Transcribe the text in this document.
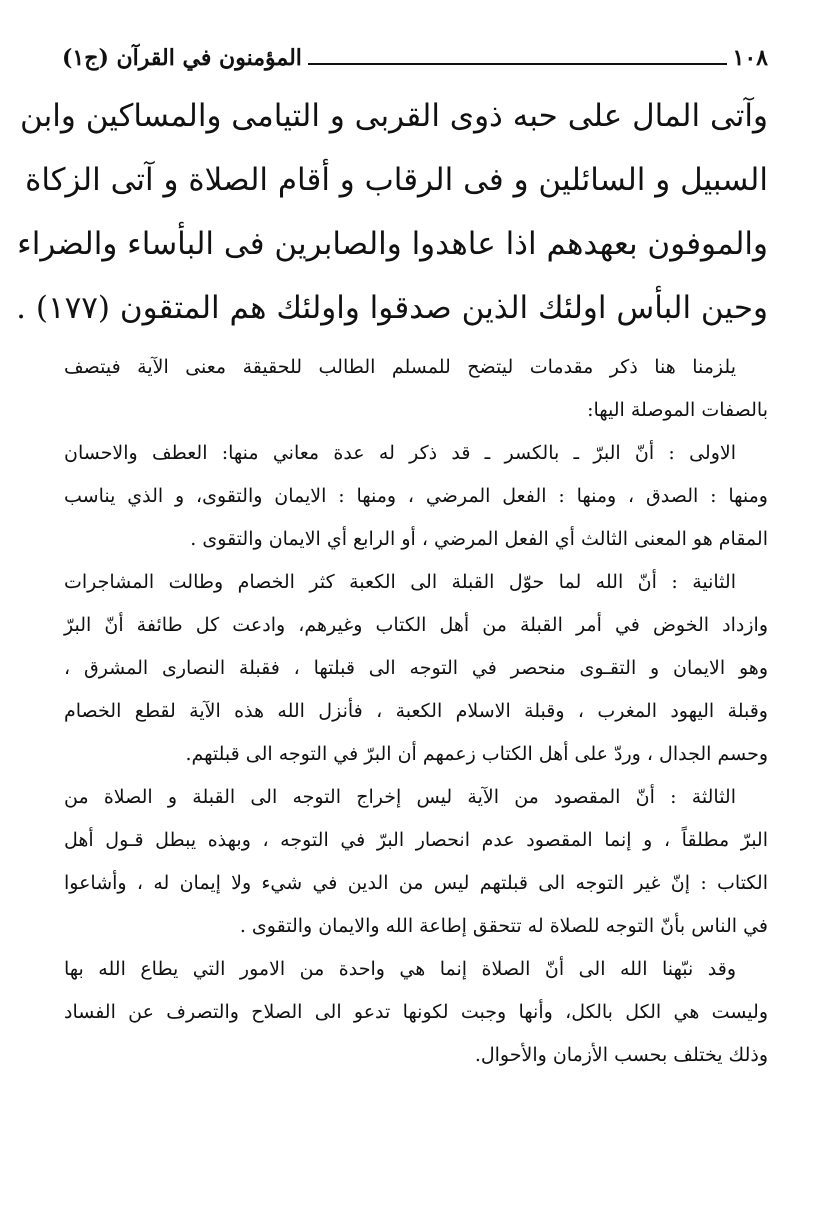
١٠٨
المؤمنون في القرآن (ج١)
وآتى المال على حبه ذوى القربى و التيامى والمساكين وابن
السبيل و السائلين و فى الرقاب و أقام الصلاة و آتى الزكاة
والموفون بعهدهم اذا عاهدوا والصابرين فى البأساء والضراء
وحين البأس اولئك الذين صدقوا واولئك هم المتقون (١٧٧) .
يلزمنا هنا ذكر مقدمات ليتضح للمسلم الطالب للحقيقة معنى الآية فيتصف
بالصفات الموصلة اليها:
الاولى : أنّ البرّ ـ بالكسر ـ قد ذكر له عدة معاني منها: العطف والاحسان
ومنها : الصدق ، ومنها : الفعل المرضي ، ومنها : الايمان والتقوى، و الذي يناسب
المقام هو المعنى الثالث أي الفعل المرضي ، أو الرابع أي الايمان والتقوى .
الثانية : أنّ الله لما حوّل القبلة الى الكعبة كثر الخصام وطالت المشاجرات
وازداد الخوض في أمر القبلة من أهل الكتاب وغيرهم، وادعت كل طائفة أنّ البرّ
وهو الايمان و التقـوى منحصر في التوجه الى قبلتها ، فقبلة النصارى المشرق ،
وقبلة اليهود المغرب ، وقبلة الاسلام الكعبة ، فأنزل الله هذه الآية لقطع الخصام
وحسم الجدال ، وردّ على أهل الكتاب زعمهم أن البرّ في التوجه الى قبلتهم.
الثالثة : أنّ المقصود من الآية ليس إخراج التوجه الى القبلة و الصلاة من
البرّ مطلقاً ، و إنما المقصود عدم انحصار البرّ في التوجه ، وبهذه يبطل قـول أهل
الكتاب : إنّ غير التوجه الى قبلتهم ليس من الدين في شيء ولا إيمان له ، وأشاعوا
في الناس بأنّ التوجه للصلاة له تتحقق إطاعة الله والايمان والتقوى .
وقد نبّهنا الله الى أنّ الصلاة إنما هي واحدة من الامور التي يطاع الله بها
وليست هي الكل بالكل، وأنها وجبت لكونها تدعو الى الصلاح والتصرف عن الفساد
وذلك يختلف بحسب الأزمان والأحوال.
